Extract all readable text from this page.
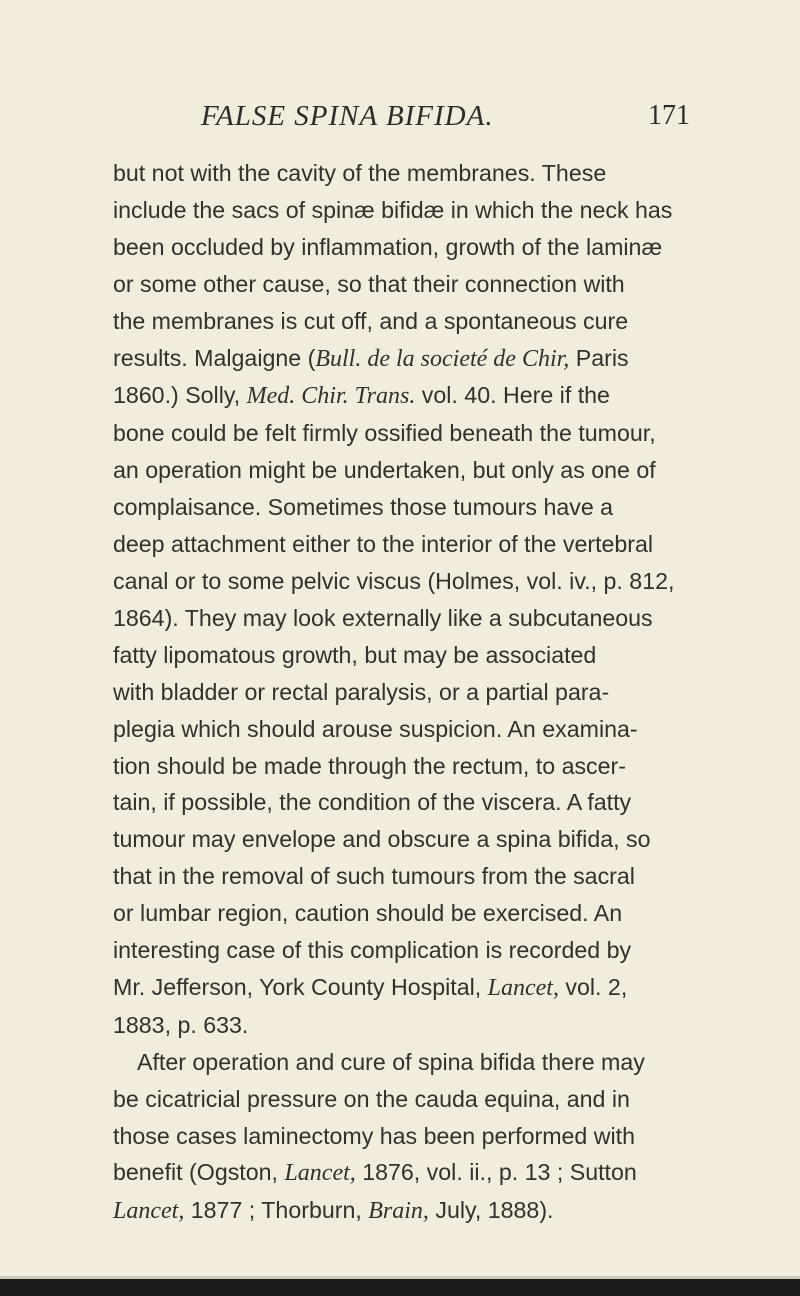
FALSE SPINA BIFIDA.	171
but not with the cavity of the membranes. These
include the sacs of spinæ bifidæ in which the neck has
been occluded by inflammation, growth of the laminæ
or some other cause, so that their connection with
the membranes is cut off, and a spontaneous cure
results. Malgaigne (Bull. de la societé de Chir, Paris
1860.) Solly, Med. Chir. Trans. vol. 40. Here if the
bone could be felt firmly ossified beneath the tumour,
an operation might be undertaken, but only as one of
complaisance. Sometimes those tumours have a
deep attachment either to the interior of the vertebral
canal or to some pelvic viscus (Holmes, vol. iv., p. 812,
1864). They may look externally like a subcutaneous
fatty lipomatous growth, but may be associated
with bladder or rectal paralysis, or a partial para-
plegia which should arouse suspicion. An examina-
tion should be made through the rectum, to ascer-
tain, if possible, the condition of the viscera. A fatty
tumour may envelope and obscure a spina bifida, so
that in the removal of such tumours from the sacral
or lumbar region, caution should be exercised. An
interesting case of this complication is recorded by
Mr. Jefferson, York County Hospital, Lancet, vol. 2,
1883, p. 633.
After operation and cure of spina bifida there may
be cicatricial pressure on the cauda equina, and in
those cases laminectomy has been performed with
benefit (Ogston, Lancet, 1876, vol. ii., p. 13 ; Sutton
Lancet, 1877 ; Thorburn, Brain, July, 1888).
